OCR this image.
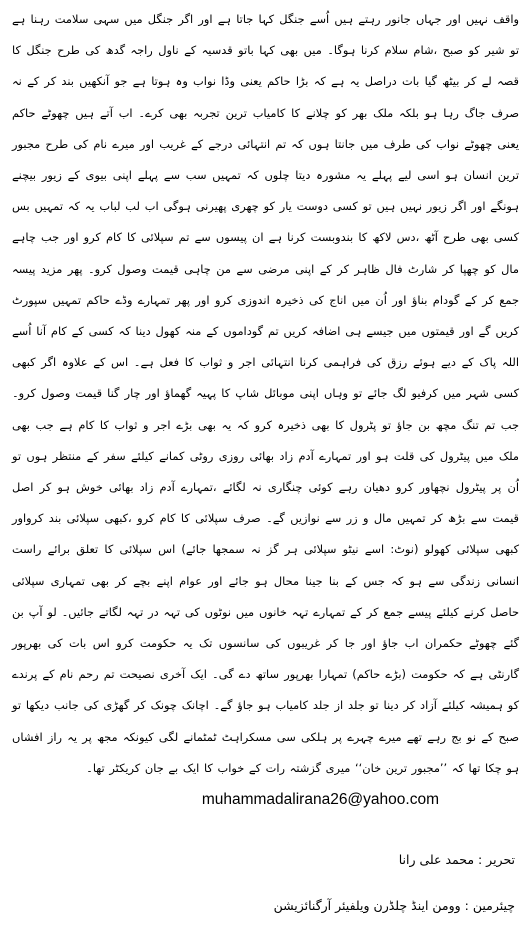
واقف نہیں اور جہاں جانور رہتے ہیں اُسے جنگل کہا جاتا ہے اور اگر جنگل میں سہی سلامت رہنا ہے تو شیر کو صبح ،شام سلام کرنا ہوگا۔ میں بھی کہا باتو قدسیہ کے ناول راجہ گدھ کی طرح جنگل کا قصہ لے کر بیٹھ گیا بات دراصل یہ ہے کہ بڑا حاکم یعنی وڈا نواب وہ ہوتا ہے جو آنکھیں بند کر کے نہ صرف جاگ رہا ہو بلکہ ملک بھر کو چلانے کا کامیاب ترین تجربہ بھی کرے۔ اب آتے ہیں چھوٹے حاکم یعنی چھوٹے نواب کی طرف میں جانتا ہوں کہ تم انتہائی درجے کے غریب اور میرے نام کی طرح مجبور ترین انسان ہو اسی لیے پہلے یہ مشورہ دیتا چلوں کہ تمہیں سب سے پہلے اپنی بیوی کے زیور بیچنے ہونگے اور اگر زیور نہیں ہیں تو کسی دوست یار کو چھری پھیرنی ہوگی اب لب لباب یہ کہ تمہیں بس کسی بھی طرح آٹھ ،دس لاکھ کا بندوبست کرنا ہے ان پیسوں سے تم سپلائی کا کام کرو اور جب چاہے مال کو چھپا کر شارٹ فال ظاہر کر کے اپنی مرضی سے من چاہی قیمت وصول کرو۔ پھر مزید پیسہ جمع کر کے گودام بناؤ اور اُن میں اناج کی ذخیرہ اندوزی کرو اور پھر تمہارے وڈے حاکم تمہیں سپورٹ کریں گے اور قیمتوں میں جیسے ہی اضافہ کریں تم گوداموں کے منہ کھول دینا کہ کسی کے کام آنا اُسے اللہ پاک کے دیے ہوئے رزق کی فراہمی کرنا انتہائی اجر و ثواب کا فعل ہے۔ اس کے علاوہ اگر کبھی کسی شہر میں کرفیو لگ جائے تو وہاں اپنی موبائل شاپ کا پہیہ گھماؤ اور چار گنا قیمت وصول کرو۔ جب تم تنگ مچھ بن جاؤ تو پٹرول کا بھی ذخیرہ کرو کہ یہ بھی بڑے اجر و ثواب کا کام ہے جب بھی ملک میں پیٹرول کی قلت ہو اور تمہارے آدم زاد بھائی روزی روٹی کمانے کیلئے سفر کے منتظر ہوں تو اُن پر پیٹرول نچھاور کرو دھیان رہے کوئی چنگاری نہ لگائے ،تمہارے آدم زاد بھائی خوش ہو کر اصل قیمت سے بڑھ کر تمہیں مال و زر سے نوازیں گے۔ صرف سپلائی کا کام کرو ،کبھی سپلائی بند کرواور کبھی سپلائی کھولو (نوٹ: اسے نیٹو سپلائی ہر گز نہ سمجھا جائے) اس سپلائی کا تعلق برائے راست انسانی زندگی سے ہو کہ جس کے بنا جینا محال ہو جائے اور عوام اپنے بچے کر بھی تمہاری سپلائی حاصل کرنے کیلئے پیسے جمع کر کے تمہارے تہہ خانوں میں نوٹوں کی تہہ در تہہ لگاتے جائیں۔ لو آپ بن گئے چھوٹے حکمران اب جاؤ اور جا کر غریبوں کی سانسوں تک یہ حکومت کرو اس بات کی بھرپور گارنٹی ہے کہ حکومت (بڑے حاکم) تمہارا بھرپور ساتھ دے گی۔ ایک آخری نصیحت تم رحم نام کے پرندے کو ہمیشہ کیلئے آزاد کر دینا تو جلد از جلد کامیاب ہو جاؤ گے۔ اچانک چونک کر گھڑی کی جانب دیکھا تو صبح کے نو بج رہے تھے میرے چہرے پر ہلکی سی مسکراہٹ ٹمٹمانے لگی کیونکہ مجھ پر یہ راز افشاں ہو چکا تھا کہ ’’مجبور ترین خان‘‘ میری گزشتہ رات کے خواب کا ایک بے جان کریکٹر تھا۔

muhammadalirana26@yahoo.com

تحریر : محمد علی رانا

چیئرمین : وومن اینڈ چلڈرن ویلفیئر آرگنائزیشن
